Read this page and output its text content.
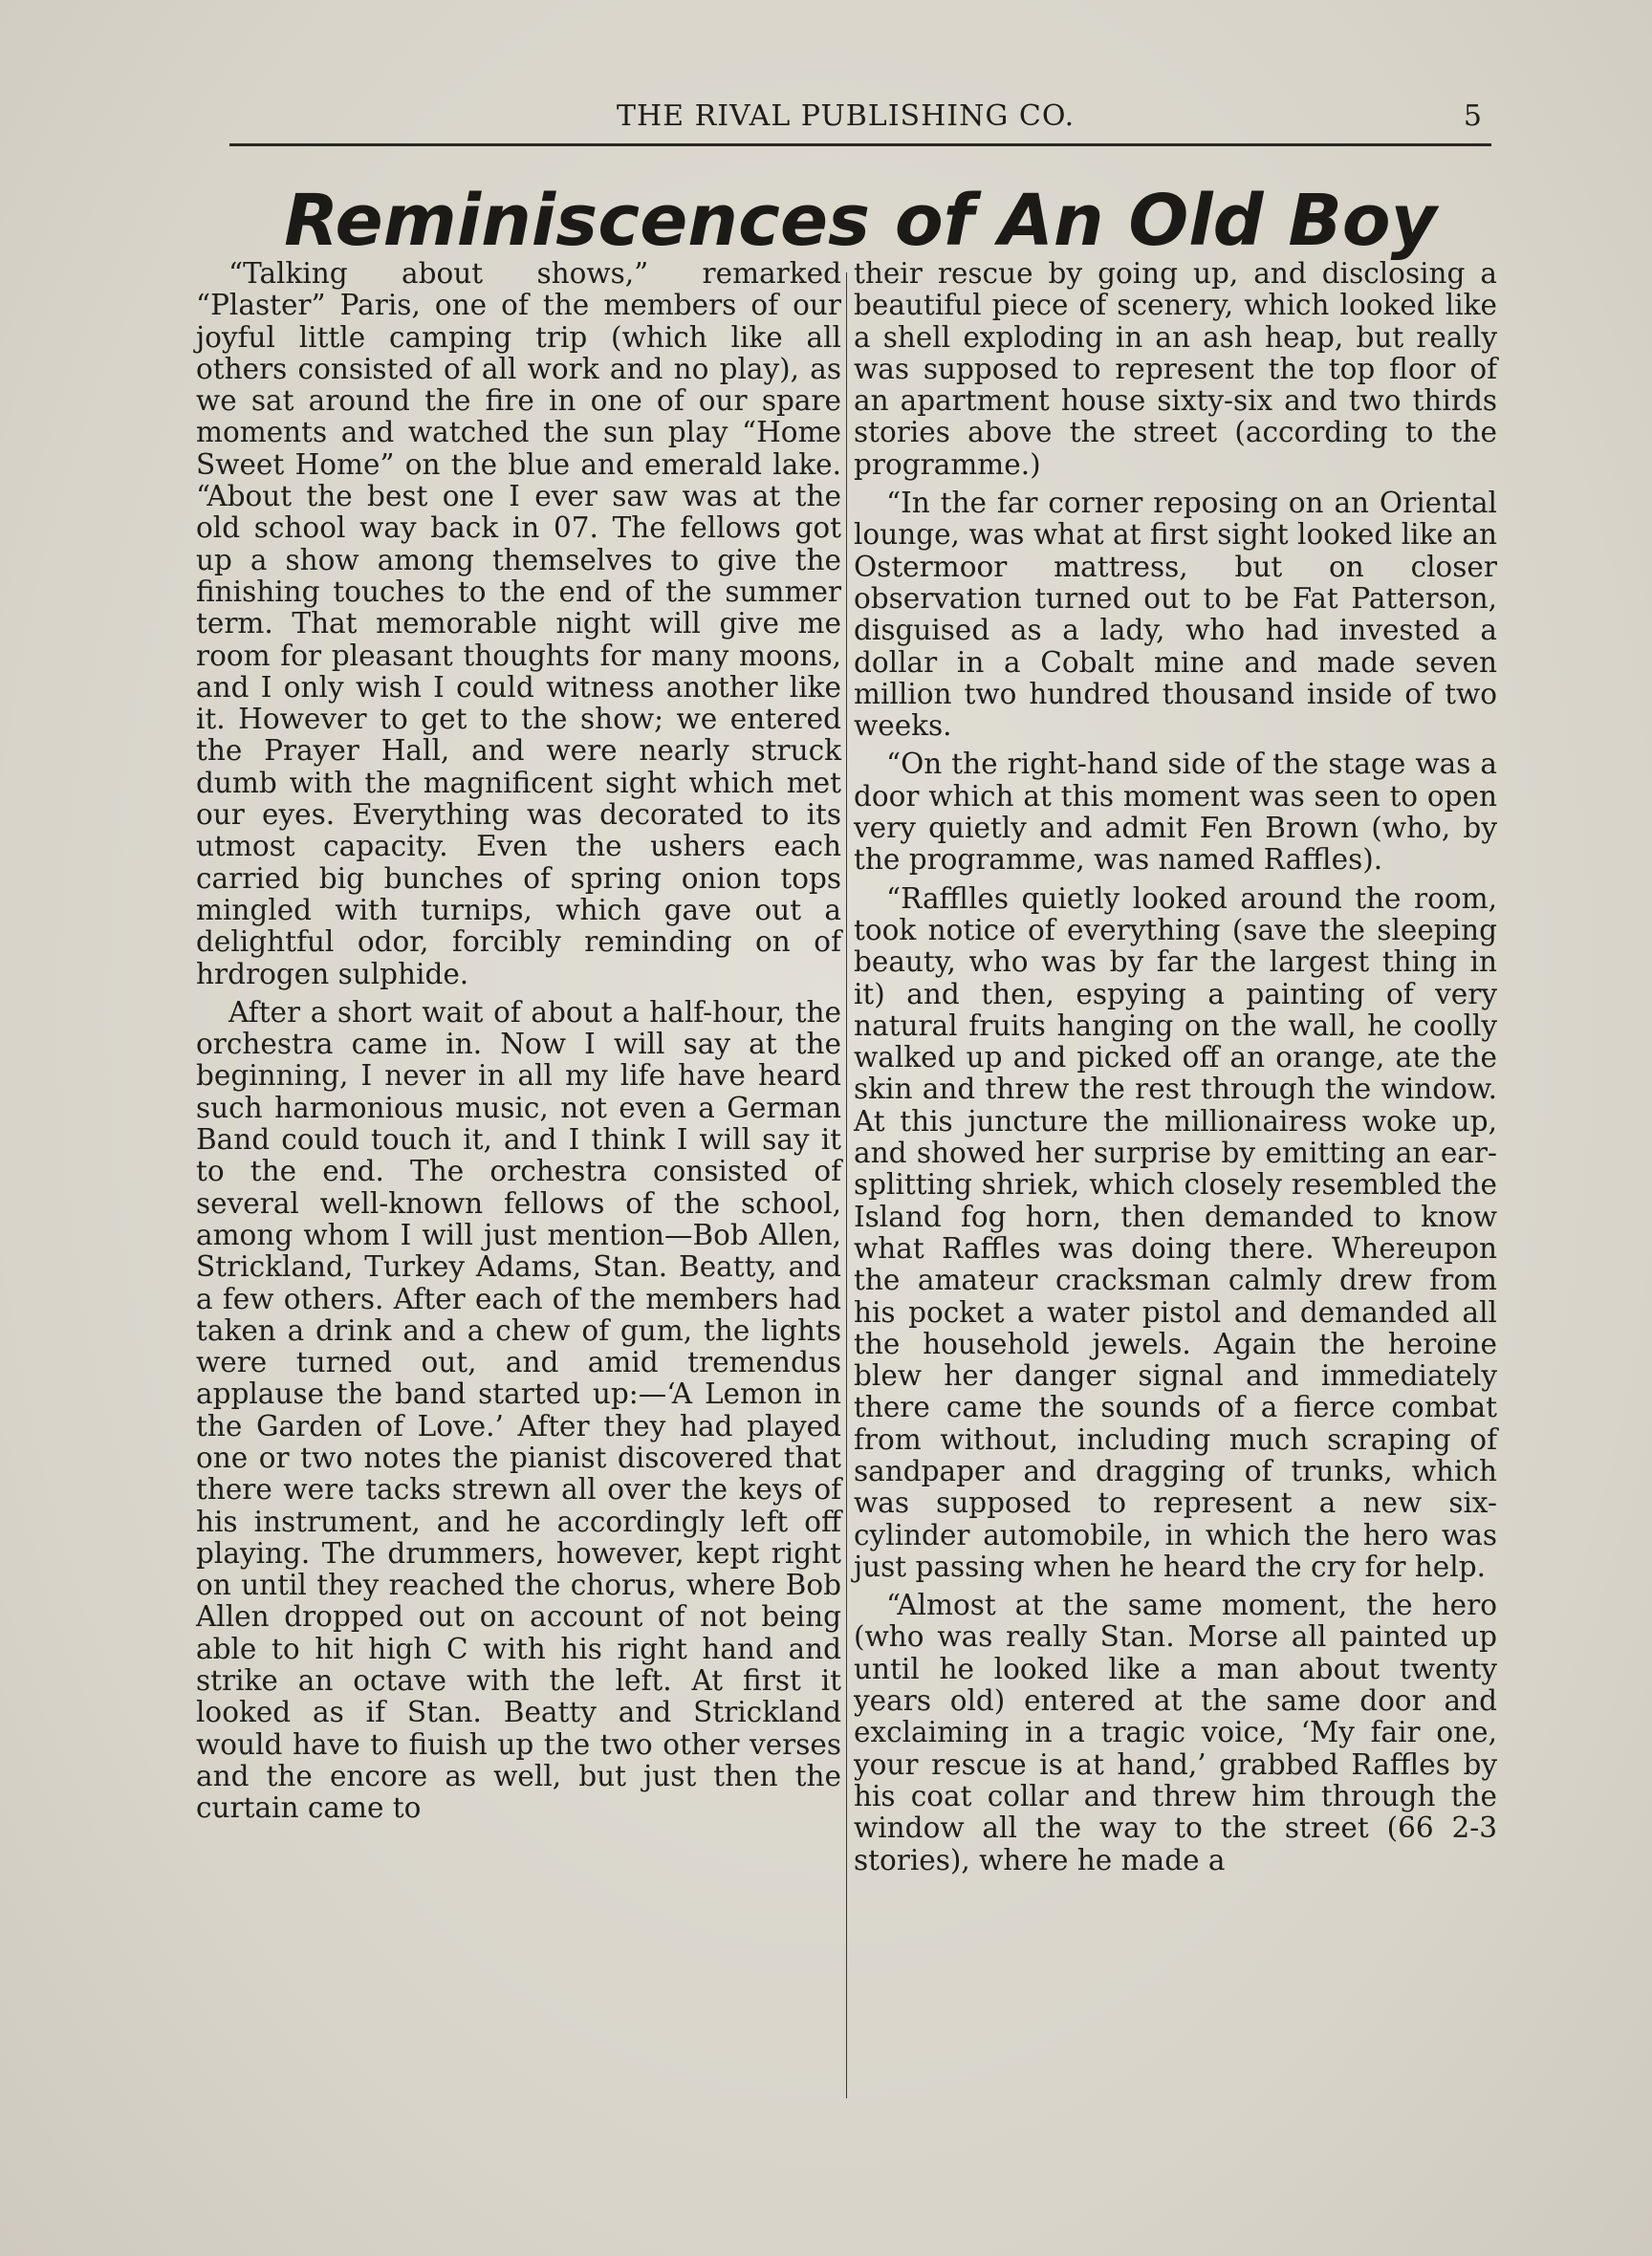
THE RIVAL PUBLISHING CO.	5
Reminiscences of An Old Boy

“Talking about shows,” remarked “Plaster” Paris, one of the members of our joyful little camping trip (which like all others consisted of all work and no play), as we sat around the fire in one of our spare moments and watched the sun play “Home Sweet Home” on the blue and emerald lake. “About the best one I ever saw was at the old school way back in 07. The fellows got up a show among themselves to give the finishing touches to the end of the summer term. That memorable night will give me room for pleasant thoughts for many moons, and I only wish I could witness another like it. However to get to the show; we entered the Prayer Hall, and were nearly struck dumb with the magnificent sight which met our eyes. Everything was decorated to its utmost capacity. Even the ushers each carried big bunches of spring onion tops mingled with turnips, which gave out a delightful odor, forcibly reminding on of hrdrogen sulphide.

After a short wait of about a half-hour, the orchestra came in. Now I will say at the beginning, I never in all my life have heard such harmonious music, not even a German Band could touch it, and I think I will say it to the end. The orchestra consisted of several well-known fellows of the school, among whom I will just mention—Bob Allen, Strickland, Turkey Adams, Stan. Beatty, and a few others. After each of the members had taken a drink and a chew of gum, the lights were turned out, and amid tremendus applause the band started up:—‘A Lemon in the Garden of Love.’ After they had played one or two notes the pianist discovered that there were tacks strewn all over the keys of his instrument, and he accordingly left off playing. The drummers, however, kept right on until they reached the chorus, where Bob Allen dropped out on account of not being able to hit high C with his right hand and strike an octave with the left. At first it looked as if Stan. Beatty and Strickland would have to fiuish up the two other verses and the encore as well, but just then the curtain came to

their rescue by going up, and disclosing a beautiful piece of scenery, which looked like a shell exploding in an ash heap, but really was supposed to represent the top floor of an apartment house sixty-six and two thirds stories above the street (according to the programme.)

“In the far corner reposing on an Oriental lounge, was what at first sight looked like an Ostermoor mattress, but on closer observation turned out to be Fat Patterson, disguised as a lady, who had invested a dollar in a Cobalt mine and made seven million two hundred thousand inside of two weeks.

“On the right-hand side of the stage was a door which at this moment was seen to open very quietly and admit Fen Brown (who, by the programme, was named Raffles).

“Rafflles quietly looked around the room, took notice of everything (save the sleeping beauty, who was by far the largest thing in it) and then, espying a painting of very natural fruits hanging on the wall, he coolly walked up and picked off an orange, ate the skin and threw the rest through the window. At this juncture the millionairess woke up, and showed her surprise by emitting an ear-splitting shriek, which closely resembled the Island fog horn, then demanded to know what Raffles was doing there. Whereupon the amateur cracksman calmly drew from his pocket a water pistol and demanded all the household jewels. Again the heroine blew her danger signal and immediately there came the sounds of a fierce combat from without, including much scraping of sandpaper and dragging of trunks, which was supposed to represent a new six-cylinder automobile, in which the hero was just passing when he heard the cry for help.

“Almost at the same moment, the hero (who was really Stan. Morse all painted up until he looked like a man about twenty years old) entered at the same door and exclaiming in a tragic voice, ‘My fair one, your rescue is at hand,’ grabbed Raffles by his coat collar and threw him through the window all the way to the street (66 2-3 stories), where he made a
